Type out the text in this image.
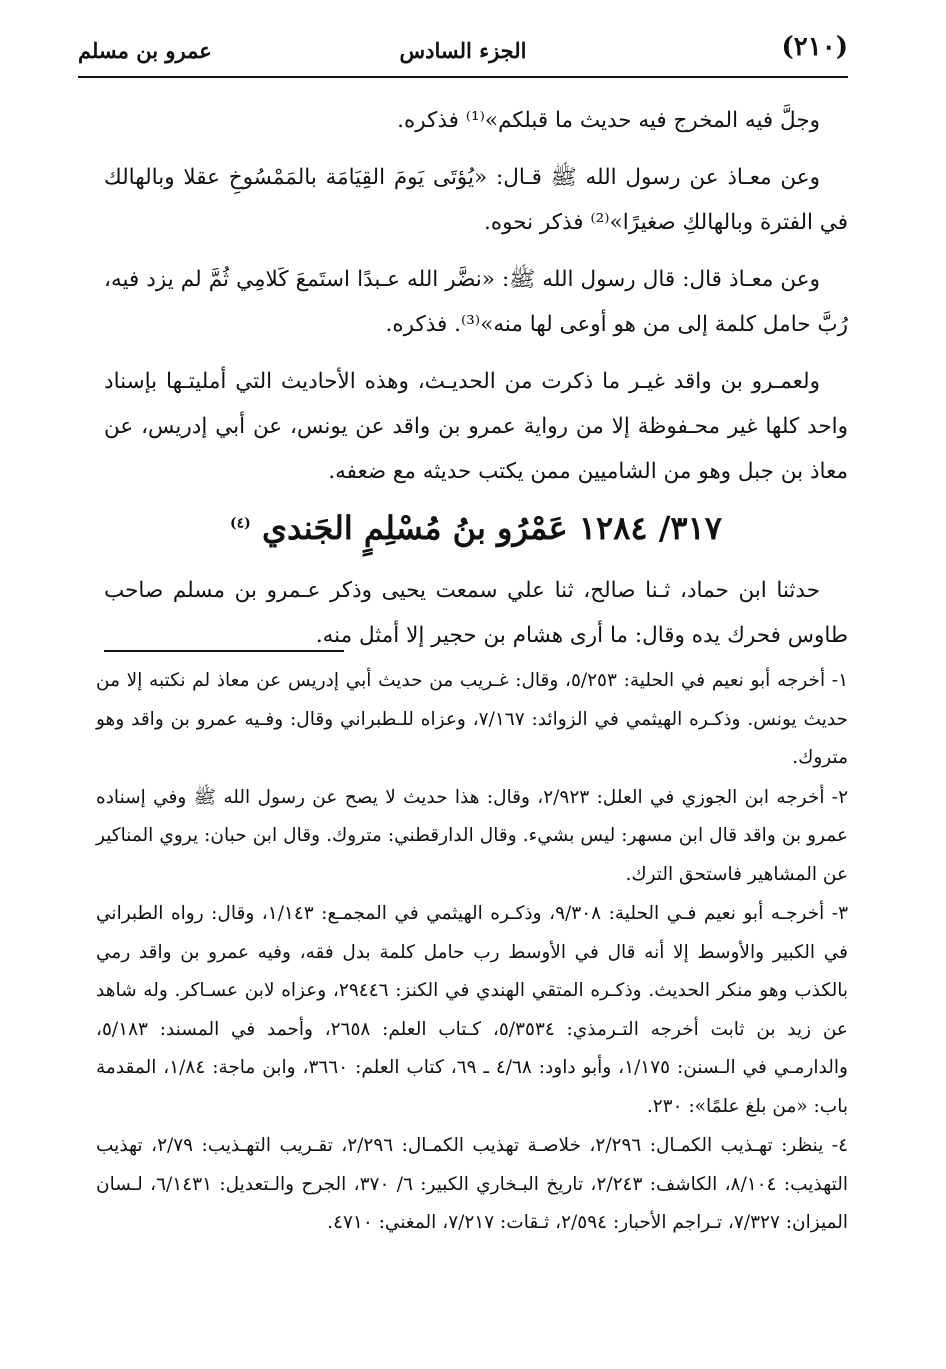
(٢١٠)
الجزء السادس
عمرو بن مسلم

وجلَّ فيه المخرج فيه حديث ما قبلكم»⁽¹⁾ فذكره.

وعن معـاذ عن رسول الله ﷺ قـال: «يُؤتَى يَومَ القِيَامَة بالمَمْسُوخِ عقلا وبالهالك في الفترة وبالهالكِ صغيرًا»⁽²⁾ فذكر نحوه.

وعن معـاذ قال: قال رسول الله ﷺ: «نضَّر الله عـبدًا استَمعَ كَلامِي ثُمَّ لم يزد فيه، رُبَّ حامل كلمة إلى من هو أوعى لها منه»⁽³⁾. فذكره.

ولعمـرو بن واقد غيـر ما ذكرت من الحديـث، وهذه الأحاديث التي أمليتـها بإسناد واحد كلها غير محـفوظة إلا من رواية عمرو بن واقد عن يونس، عن أبي إدريس، عن معاذ بن جبل وهو من الشاميين ممن يكتب حديثه مع ضعفه.

٣١٧/ ١٢٨٤ عَمْرُو بنُ مُسْلِمٍ الجَندي $^{(٤)}$

حدثنا ابن حماد، ثـنا صالح، ثنا علي سمعت يحيى وذكر عـمرو بن مسلم صاحب طاوس فحرك يده وقال: ما أرى هشام بن حجير إلا أمثل منه.

١- أخرجه أبو نعيم في الحلية: ٥/٢٥٣، وقال: غـريب من حديث أبي إدريس عن معاذ لم نكتبه إلا من حديث يونس. وذكـره الهيثمي في الزوائد: ٧/١٦٧، وعزاه للـطبراني وقال: وفـيه عمرو بن واقد وهو متروك.
٢- أخرجه ابن الجوزي في العلل: ٢/٩٢٣، وقال: هذا حديث لا يصح عن رسول الله ﷺ وفي إسناده عمرو بن واقد قال ابن مسهر: ليس بشيء. وقال الدارقطني: متروك. وقال ابن حبان: يروي المناكير عن المشاهير فاستحق الترك.
٣- أخرجـه أبو نعيم فـي الحلية: ٩/٣٠٨، وذكـره الهيثمي في المجمـع: ١/١٤٣، وقال: رواه الطبراني في الكبير والأوسط إلا أنه قال في الأوسط رب حامل كلمة بدل فقه، وفيه عمرو بن واقد رمي بالكذب وهو منكر الحديث. وذكـره المتقي الهندي في الكنز: ٢٩٤٤٦، وعزاه لابن عسـاكر. وله شاهد عن زيد بن ثابت أخرجه التـرمذي: ٥/٣٥٣٤، كـتاب العلم: ٢٦٥٨، وأحمد في المسند: ٥/١٨٣، والدارمـي في الـسنن: ١/١٧٥، وأبو داود: ٤/٦٨ ـ ٦٩، كتاب العلم: ٣٦٦٠، وابن ماجة: ١/٨٤، المقدمة باب: «من بلغ علمًا»: ٢٣٠.
٤- ينظر: تهـذيب الكمـال: ٢/٢٩٦، خلاصـة تهذيب الكمـال: ٢/٢٩٦، تقـريب التهـذيب: ٢/٧٩، تهذيب التهذيب: ٨/١٠٤، الكاشف: ٢/٢٤٣، تاريخ البـخاري الكبير: ٦/ ٣٧٠، الجرح والـتعديل: ٦/١٤٣١، لـسان الميزان: ٧/٣٢٧، تـراجم الأحبار: ٢/٥٩٤، ثـقات: ٧/٢١٧، المغني: ٤٧١٠.
